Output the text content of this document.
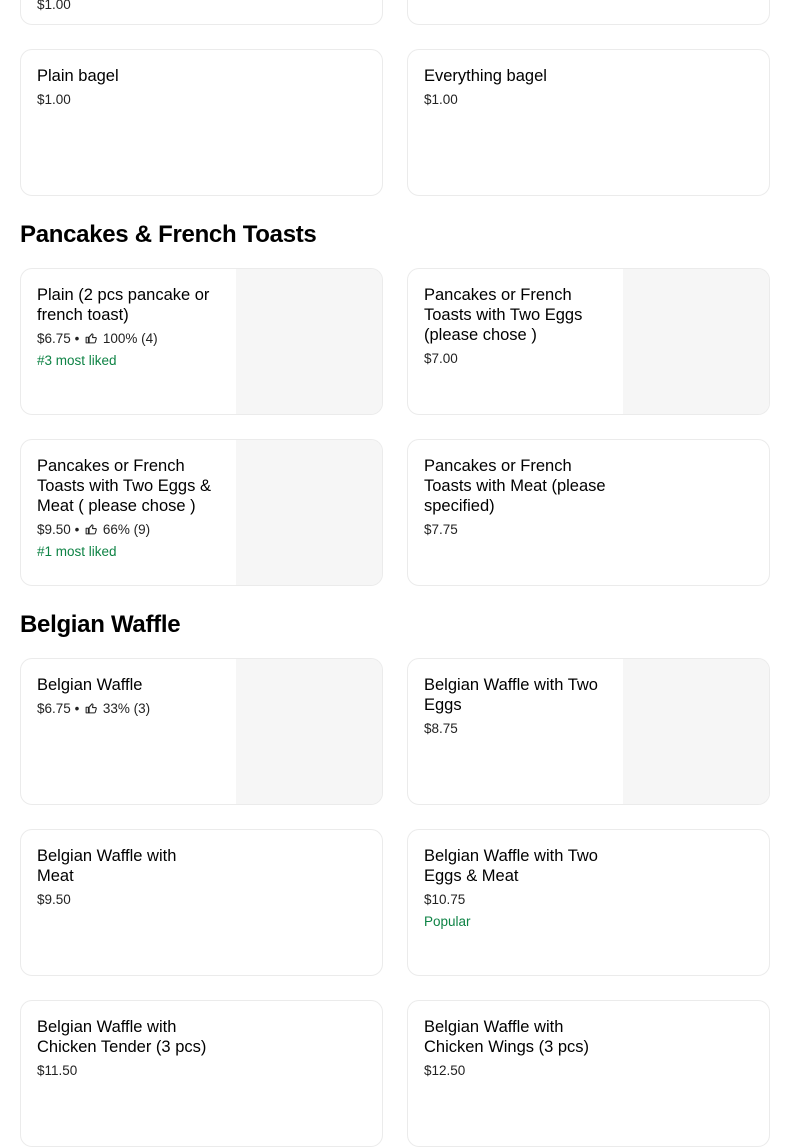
$1.00
Plain bagel
$1.00
Everything bagel
$1.00
Pancakes & French Toasts
Plain (2 pcs pancake or french toast)
$6.75 • 100% (4)
#3 most liked
Pancakes or French Toasts with Two Eggs (please chose )
$7.00
Pancakes or French Toasts with Two Eggs & Meat ( please chose )
$9.50 • 66% (9)
#1 most liked
Pancakes or French Toasts with Meat (please specified)
$7.75
Belgian Waffle
Belgian Waffle
$6.75 • 33% (3)
Belgian Waffle with Two Eggs
$8.75
Belgian Waffle with Meat
$9.50
Belgian Waffle with Two Eggs & Meat
$10.75
Popular
Belgian Waffle with Chicken Tender (3 pcs)
$11.50
Belgian Waffle with Chicken Wings (3 pcs)
$12.50
